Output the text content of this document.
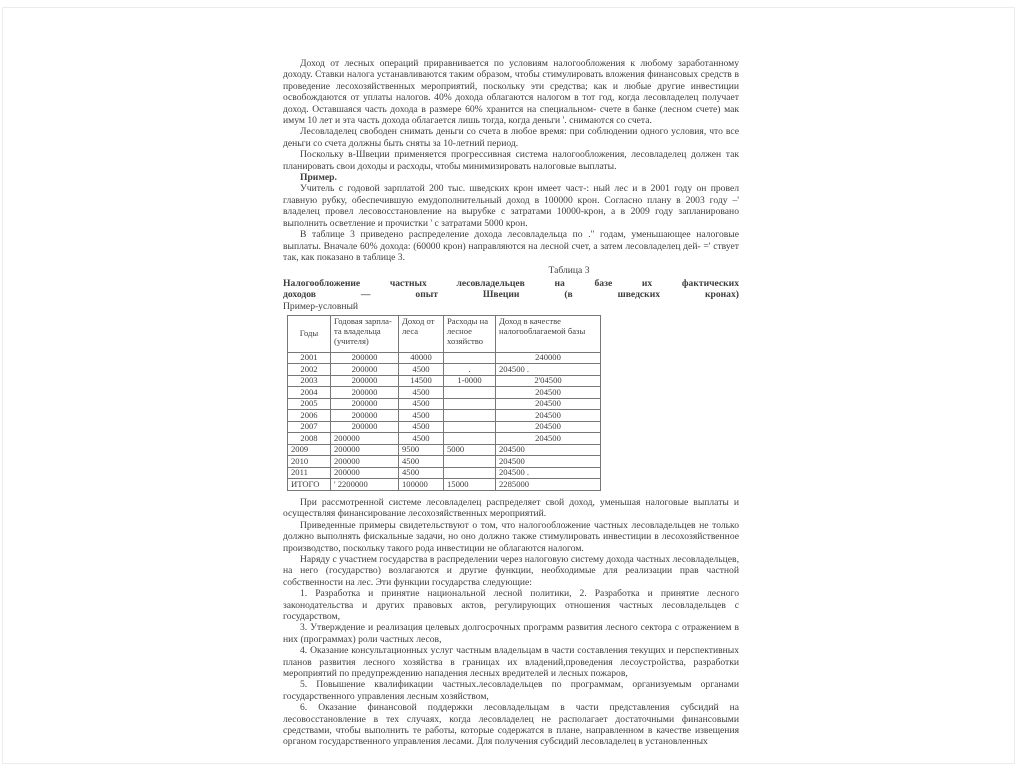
Доход от лесных операций приравнивается по условиям налогообложения к любому заработанному доходу. Ставки налога устанавливаются таким образом, чтобы стимулировать вложения финансовых средств в проведение лесохозяйственных мероприятий, поскольку эти средства; как и любые другие инвестиции освобождаются от уплаты налогов. 40% дохода облагаются налогом в тот год, когда лесовладелец получает доход. Оставшаяся часть дохода в размере 60% хранится на специальном- счете в банке (лесном счете) мак имум 10 лет и эта часть дохода облагается лишь тогда, когда деньги '. снимаются со счета.

Лесовладелец свободен снимать деньги со счета в любое время: при соблюдении одного условия, что все деньги со счета должны быть сняты за 10-летний период.

Поскольку в-Швеции применяется прогрессивная система налогообложения, лесовладелец должен так планировать свои доходы и расходы, чтобы минимизировать налоговые выплаты.

Пример.

Учитель с годовой зарплатой 200 тыс. шведских крон имеет част-: ный лес и в 2001 году он провел главную рубку, обеспечившую емудополнительный доход в 100000 крон. Согласно плану в 2003 году –' владелец провел лесовосстановление на вырубке с затратами 10000-крон, а в 2009 году запланировано выполнить осветление и прочистки ' с затратами 5000 крон.

В таблице 3 приведено распределение дохода лесовладельца по ." годам, уменьшающее налоговые выплаты. Вначале 60% дохода: (60000 крон) направляются на лесной счет, а затем лесовладелец дей- =' ствует так, как показано в таблице 3.

Таблица 3
Налогообложение	частных	лесовладельцев	на	базе	их	фактических
доходов	—	опыт	Швеции	(в	шведских	кронах)
Пример-условный
Годы	Годовая зарпла- та владельца (учителя)	Доход от леса	Расходы на лесное хозяйство	Доход в качестве налогооблагаемой базы
2001	200000	40000		240000
2002	200000	4500	.	204500 .
2003	200000	14500	1-0000	2'04500
2004	200000	4500		204500
2005	200000	4500		204500
2006	200000	4500		204500
2007	200000	4500		204500
2008	200000	4500		204500
2009	200000	9500	5000	204500
2010	200000	4500		204500
2011	200000	4500		204500 .
ИТОГО	' 2200000	100000	15000	2285000

При рассмотренной системе лесовладелец распределяет свой доход, уменьшая налоговые выплаты и осуществляя финансирование лесохозяйственных мероприятий.

Приведенные примеры свидетельствуют о том, что налогообложение частных лесовладельцев не только должно выполнять фискальные задачи, но оно должно также стимулировать инвестиции в лесохозяйственное производство, поскольку такого рода инвестиции не облагаются налогом.

Наряду с участием государства в распределении через налоговую систему дохода частных лесовладельцев, на него (государство) возлагаются и другие функции, необходимые для реализации прав частной собственности на лес. Эти функции государства следующие:

1. Разработка и принятие национальной лесной политики, 2. Разработка и принятие лесного законодательства и других правовых актов, регулирующих отношения частных лесовладельцев с государством,

3. Утверждение и реализация целевых долгосрочных программ развития лесного сектора с отражением в них (программах) роли частных лесов,

4. Оказание консультационных услуг частным владельцам в части составления текущих и перспективных планов развития лесного хозяйства в границах их владений,проведения лесоустройства, разработки мероприятий по предупреждению нападения лесных вредителей и лесных пожаров,

5. Повышение квалификации частных.лесовладельцев по программам, организуемым органами государственного управления лесным хозяйством,

6. Оказание финансовой поддержки лесовладельцам в части представления субсидий на лесовосстановление в тех случаях, когда лесовладелец не располагает достаточными финансовыми средствами, чтобы выполнить те работы, которые содержатся в плане, направленном в качестве извещения органом государственного управления лесами. Для получения субсидий лесовладелец в установленных
